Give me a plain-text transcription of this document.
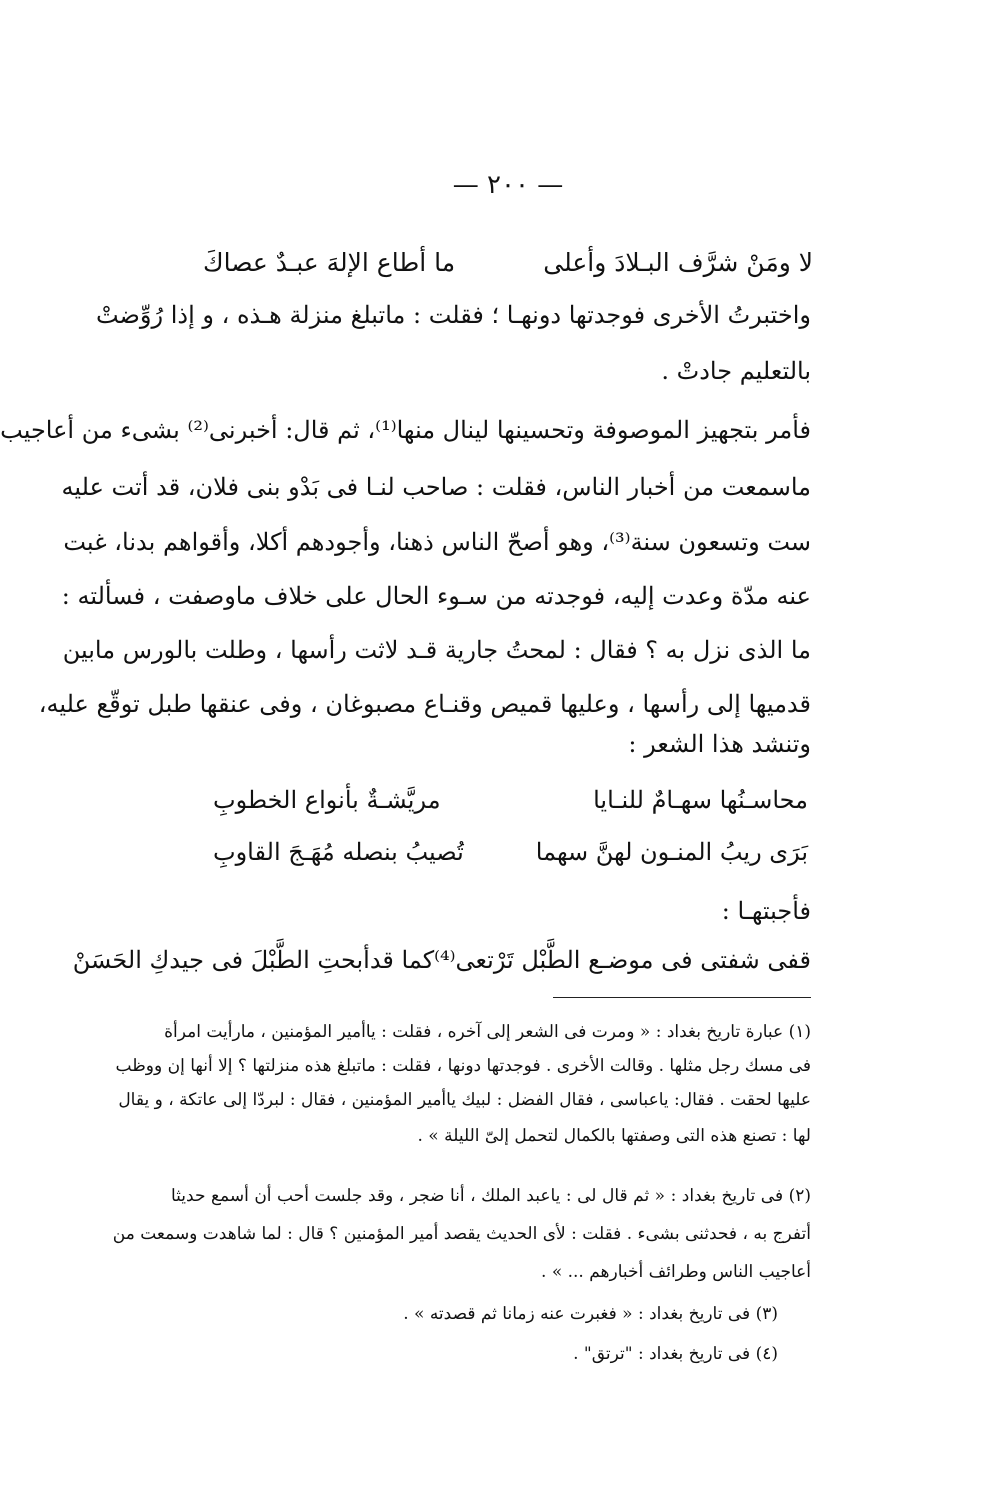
— ٢٠٠ —
لا ومَنْ شرَّف البـلادَ وأعلى
ما أطاع الإلهَ عبـدٌ عصاكَ
واختبرتُ الأخرى فوجدتها دونهـا ؛ فقلت : ماتبلغ منزلة هـذه ، و إذا رُوِّضتْ
بالتعليم جادتْ .
فأمر بتجهيز الموصوفة وتحسينها لينال منها⁽¹⁾، ثم قال: أخبرنى⁽²⁾ بشىء من أعاجيب
ماسمعت من أخبار الناس، فقلت : صاحب لنـا فى بَدْو بنى فلان، قد أتت عليه
ست وتسعون سنة⁽³⁾، وهو أصحّ الناس ذهنا، وأجودهم أكلا، وأقواهم بدنا، غبت
عنه مدّة وعدت إليه، فوجدته من سـوء الحال على خلاف ماوصفت ، فسألته :
ما الذى نزل به ؟ فقال : لمحتُ جارية قـد لاثت رأسها ، وطلت بالورس مابين
قدميها إلى رأسها ، وعليها قميص وقنـاع مصبوغان ، وفى عنقها طبل توقّع عليه،
وتنشد هذا الشعر :
محاسـنُها سهـامٌ للنـايا
مريَّشـةٌ بأنواع الخطوبِ
بَرَى ريبُ المنـون لهنَّ سهما
تُصيبُ بنصله مُهَـجَ القاوبِ
فأجبتهـا :
قفى شفتى فى موضـع الطَّبْل تَرْتعى⁽⁴⁾
كما قدأبحتِ الطَّبْلَ فى جيدكِ الحَسَنْ
(١) عبارة تاريخ بغداد : « ومرت فى الشعر إلى آخره ، فقلت : ياأمير المؤمنين ، مارأيت امرأة
فى مسك رجل مثلها . وقالت الأخرى . فوجدتها دونها ، فقلت : ماتبلغ هذه منزلتها ؟ إلا أنها إن ووظب
عليها لحقت . فقال: ياعباسى ، فقال الفضل : لبيك ياأمير المؤمنين ، فقال : لبردّا إلى عاتكة ، و يقال
لها : تصنع هذه التى وصفتها بالكمال لتحمل إلىّ الليلة » .
(٢) فى تاريخ بغداد : « ثم قال لى : ياعبد الملك ، أنا ضجر ، وقد جلست أحب أن أسمع حديثا
أتفرج به ، فحدثنى بشىء . فقلت : لأى الحديث يقصد أمير المؤمنين ؟ قال : لما شاهدت وسمعت من
أعاجيب الناس وطرائف أخبارهم ... » .
(٣) فى تاريخ بغداد : « فغبرت عنه زمانا ثم قصدته » .
(٤) فى تاريخ بغداد : "ترتق" .
